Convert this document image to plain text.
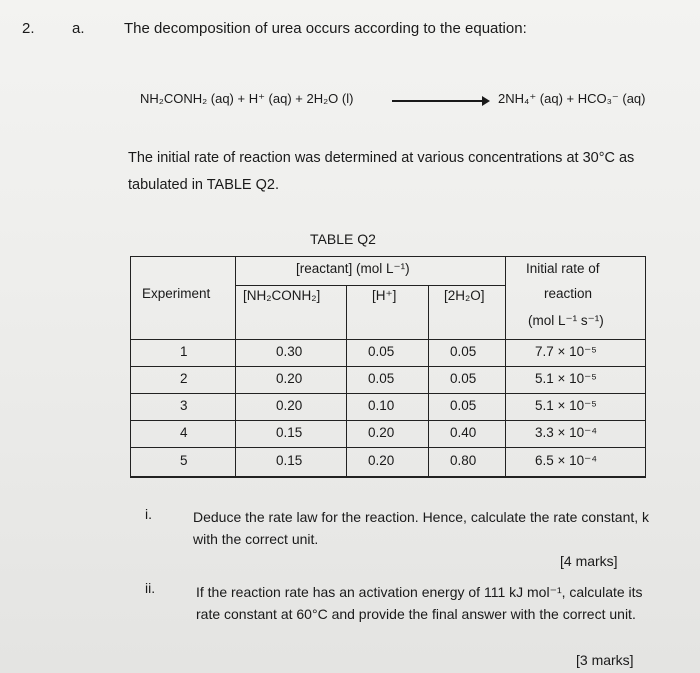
2. a.	The decomposition of urea occurs according to the equation:
NH₂CONH₂ (aq) + H⁺ (aq) + 2H₂O (l)	2NH₄⁺ (aq) + HCO₃⁻ (aq)
The initial rate of reaction was determined at various concentrations at 30°C as tabulated in TABLE Q2.
TABLE Q2
Experiment
[reactant] (mol L⁻¹)
[NH₂CONH₂]	[H⁺]	[2H₂O]
Initial rate of
reaction
(mol L⁻¹ s⁻¹)
1	0.30	0.05	0.05	7.7 × 10⁻⁵
2	0.20	0.05	0.05	5.1 × 10⁻⁵
3	0.20	0.10	0.05	5.1 × 10⁻⁵
4	0.15	0.20	0.40	3.3 × 10⁻⁴
5	0.15	0.20	0.80	6.5 × 10⁻⁴
i.	Deduce the rate law for the reaction. Hence, calculate the rate constant, k with the correct unit.
[4 marks]
ii.	If the reaction rate has an activation energy of 111 kJ mol⁻¹, calculate its rate constant at 60°C and provide the final answer with the correct unit.
[3 marks]
